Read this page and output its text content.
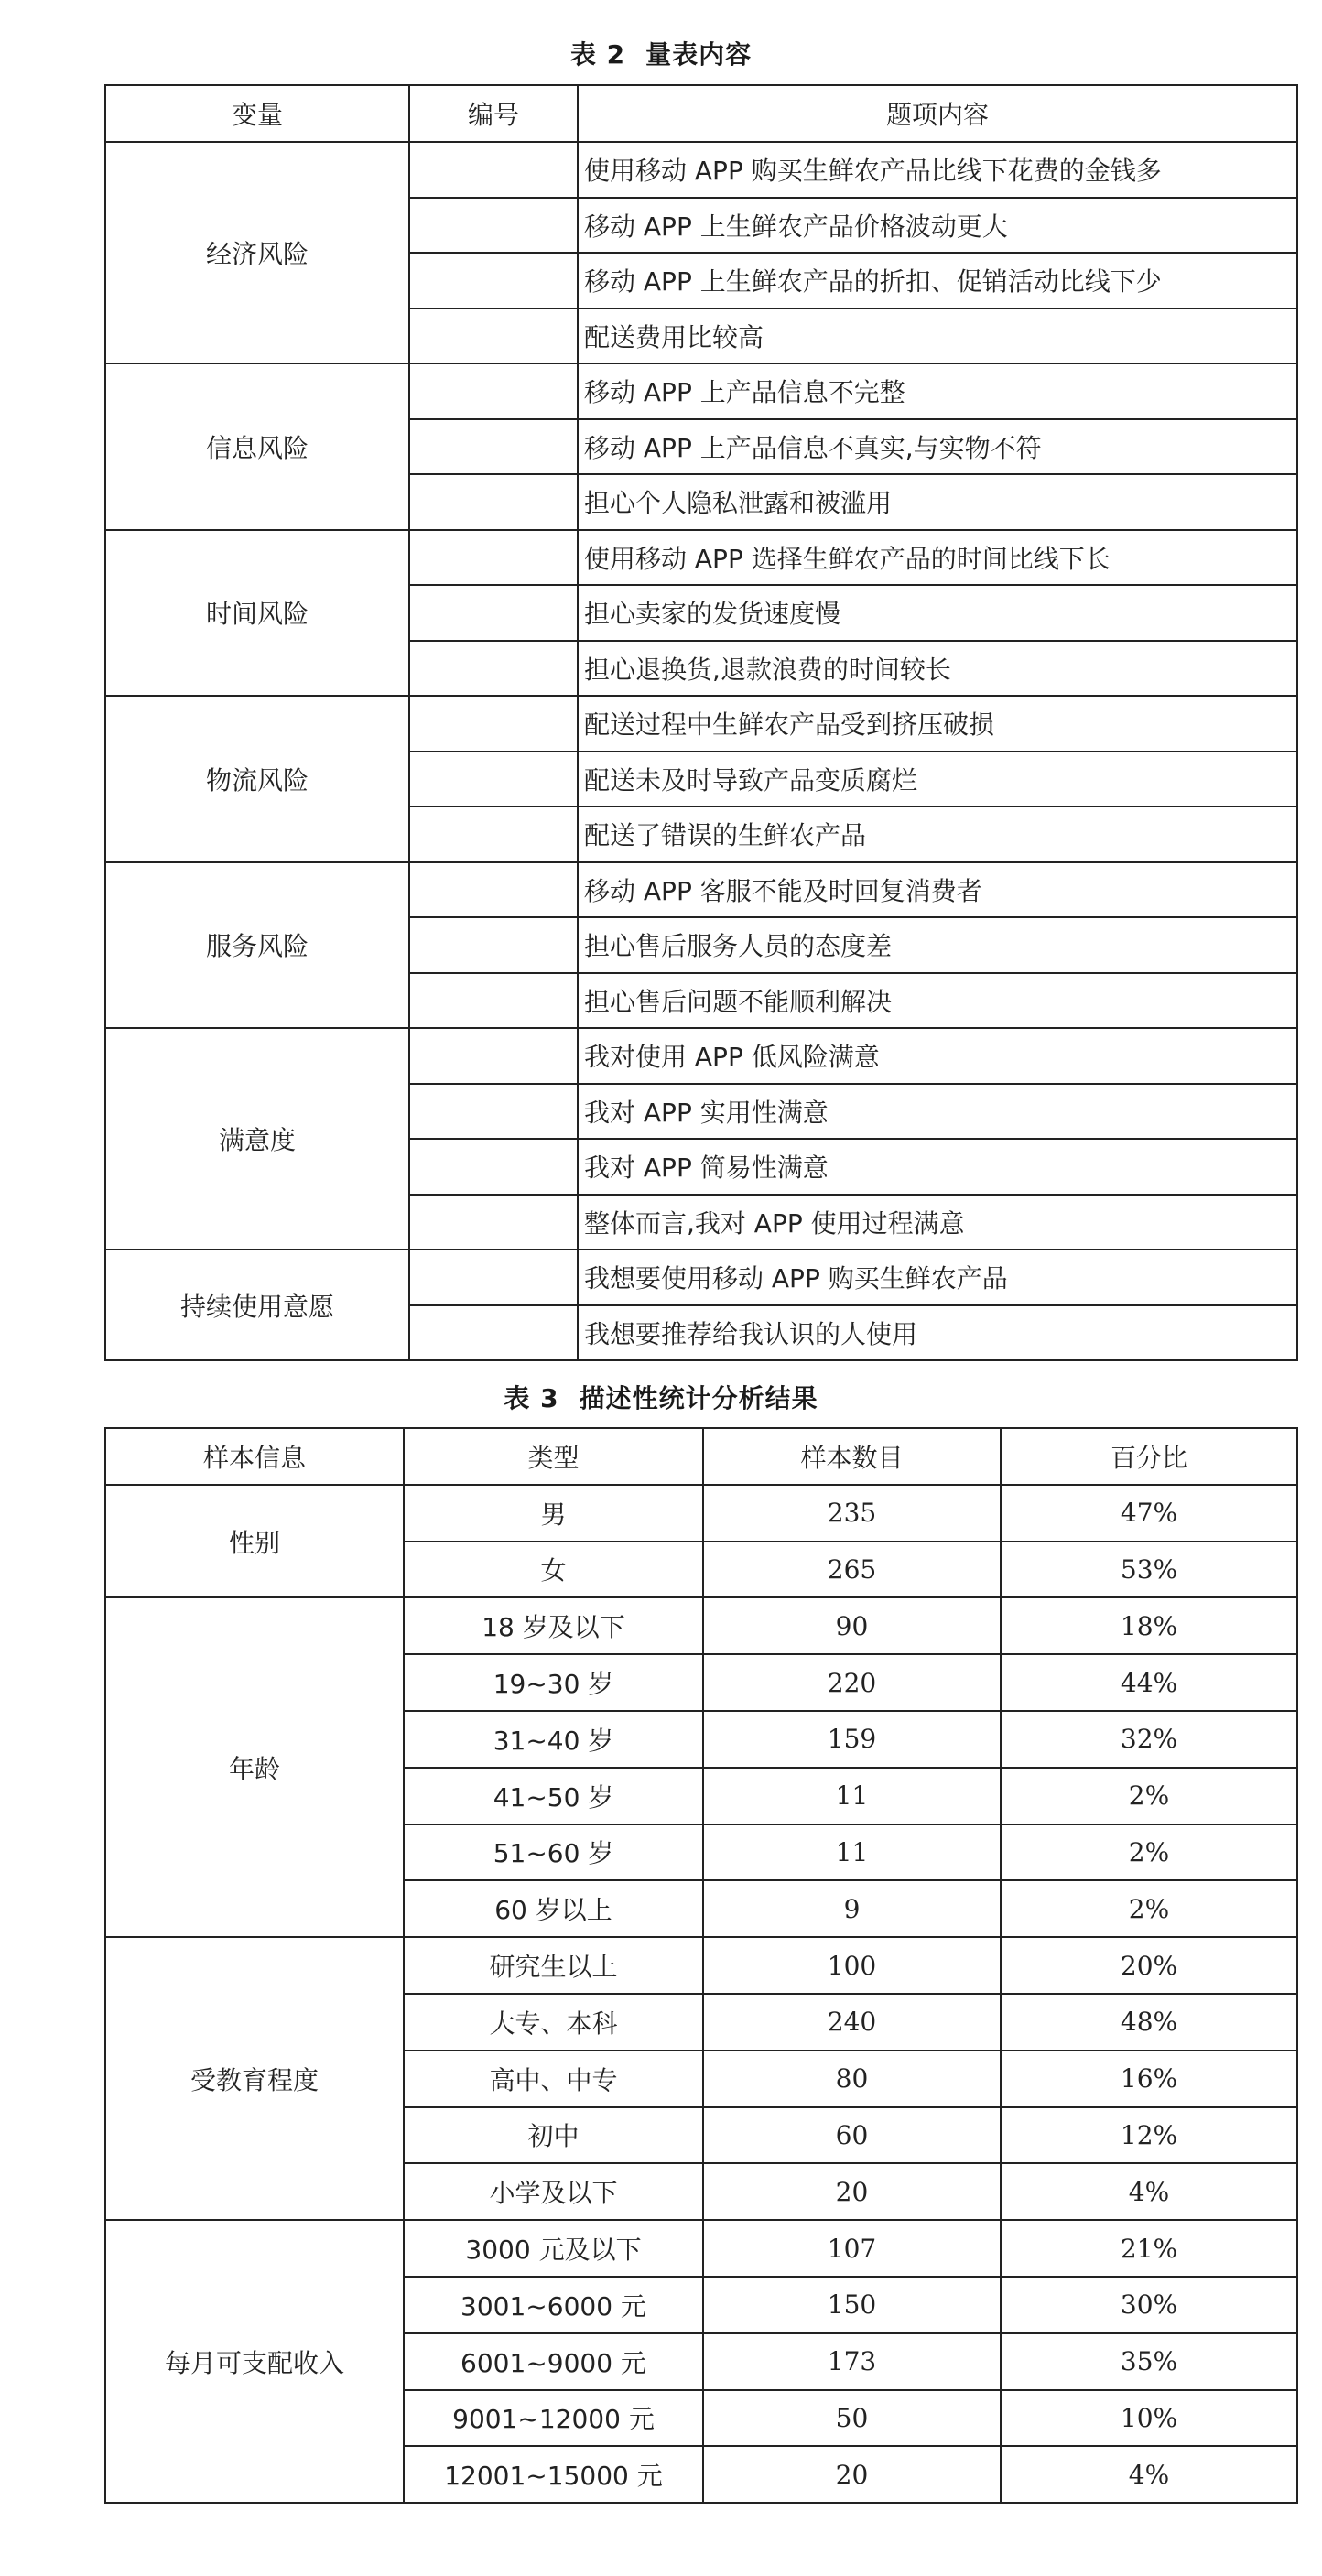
表 2 量表内容
变量	编号	题项内容
经济风险		使用移动 APP 购买生鲜农产品比线下花费的金钱多
		移动 APP 上生鲜农产品价格波动更大
		移动 APP 上生鲜农产品的折扣、促销活动比线下少
		配送费用比较高
信息风险		移动 APP 上产品信息不完整
		移动 APP 上产品信息不真实,与实物不符
		担心个人隐私泄露和被滥用
时间风险		使用移动 APP 选择生鲜农产品的时间比线下长
		担心卖家的发货速度慢
		担心退换货,退款浪费的时间较长
物流风险		配送过程中生鲜农产品受到挤压破损
		配送未及时导致产品变质腐烂
		配送了错误的生鲜农产品
服务风险		移动 APP 客服不能及时回复消费者
		担心售后服务人员的态度差
		担心售后问题不能顺利解决
满意度		我对使用 APP 低风险满意
		我对 APP 实用性满意
		我对 APP 简易性满意
		整体而言,我对 APP 使用过程满意
持续使用意愿		我想要使用移动 APP 购买生鲜农产品
		我想要推荐给我认识的人使用
表 3 描述性统计分析结果
样本信息	类型	样本数目	百分比
性别	男	235	47%
	女	265	53%
年龄	18 岁及以下	90	18%
	19~30 岁	220	44%
	31~40 岁	159	32%
	41~50 岁	11	2%
	51~60 岁	11	2%
	60 岁以上	9	2%
受教育程度	研究生以上	100	20%
	大专、本科	240	48%
	高中、中专	80	16%
	初中	60	12%
	小学及以下	20	4%
每月可支配收入	3000 元及以下	107	21%
	3001~6000 元	150	30%
	6001~9000 元	173	35%
	9001~12000 元	50	10%
	12001~15000 元	20	4%
